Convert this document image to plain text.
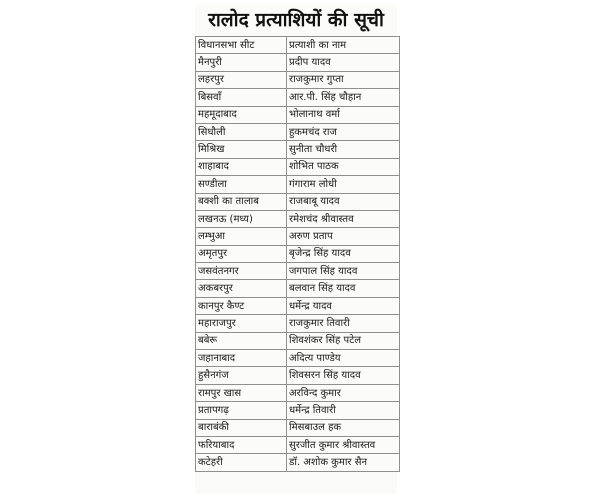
रालोद प्रत्याशियों की सूची
विधानसभा सीट	प्रत्याशी का नाम
मैनपुरी	प्रदीप यादव
लहरपुर	राजकुमार गुप्ता
बिसवाँ	आर.पी. सिंह चौहान
महमूदाबाद	भोलानाथ वर्मा
सिधौली	हुकमचंद राज
मिश्रिख	सुनीता चौधरी
शाहाबाद	शोभित पाठक
सण्डीला	गंगाराम लोधी
बक्शी का तालाब	राजबाबू यादव
लखनऊ (मध्य)	रमेशचंद श्रीवास्तव
लम्भुआ	अरुण प्रताप
अमृतपुर	बृजेन्द्र सिंह यादव
जसवंतनगर	जगपाल सिंह यादव
अकबरपुर	बलवान सिंह यादव
कानपुर कैण्ट	धर्मेन्द्र यादव
महाराजपुर	राजकुमार तिवारी
बबेरू	शिवशंकर सिंह पटेल
जहानाबाद	अदित्य पाण्डेय
हुसैनगंज	शिवसरन सिंह यादव
रामपुर खास	अरविन्द कुमार
प्रतापगढ़	धर्मेन्द्र तिवारी
बाराबंकी	मिसबाउल हक
फरियाबाद	सुरजीत कुमार श्रीवास्तव
कटेहरी	डॉ. अशोक कुमार सैन
